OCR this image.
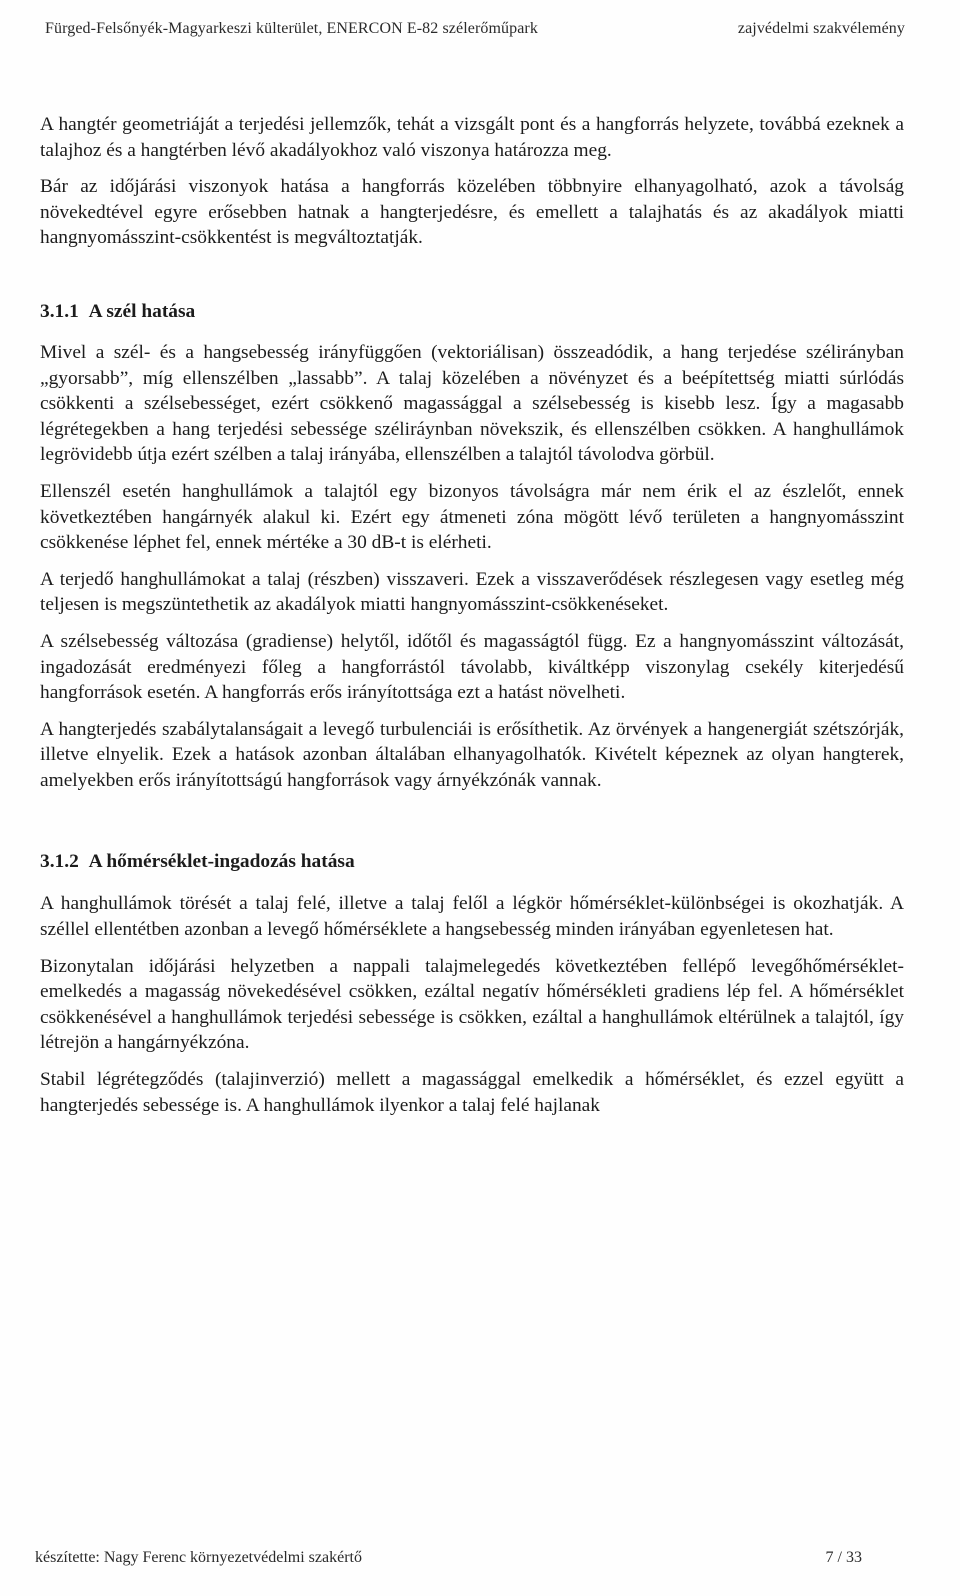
Fürged-Felsőnyék-Magyarkeszi külterület, ENERCON E-82 szélerőműpark	zajvédelmi szakvélemény

A hangtér geometriáját a terjedési jellemzők, tehát a vizsgált pont és a hangforrás helyzete, továbbá ezeknek a talajhoz és a hangtérben lévő akadályokhoz való viszonya határozza meg.

Bár az időjárási viszonyok hatása a hangforrás közelében többnyire elhanyagolható, azok a távolság növekedtével egyre erősebben hatnak a hangterjedésre, és emellett a talajhatás és az akadályok miatti hangnyomásszint-csökkentést is megváltoztatják.

3.1.1 A szél hatása

Mivel a szél- és a hangsebesség irányfüggően (vektoriálisan) összeadódik, a hang terjedése szélirányban „gyorsabb”, míg ellenszélben „lassabb”. A talaj közelében a növényzet és a beépítettség miatti súrlódás csökkenti a szélsebességet, ezért csökkenő magassággal a szélsebesség is kisebb lesz. Így a magasabb légrétegekben a hang terjedési sebessége széliráynban növekszik, és ellenszélben csökken. A hanghullámok legrövidebb útja ezért szélben a talaj irányába, ellenszélben a talajtól távolodva görbül.

Ellenszél esetén hanghullámok a talajtól egy bizonyos távolságra már nem érik el az észlelőt, ennek következtében hangárnyék alakul ki. Ezért egy átmeneti zóna mögött lévő területen a hangnyomásszint csökkenése léphet fel, ennek mértéke a 30 dB-t is elérheti.

A terjedő hanghullámokat a talaj (részben) visszaveri. Ezek a visszaverődések részlegesen vagy esetleg még teljesen is megszüntethetik az akadályok miatti hangnyomásszint-csökkenéseket.

A szélsebesség változása (gradiense) helytől, időtől és magasságtól függ. Ez a hangnyomásszint változását, ingadozását eredményezi főleg a hangforrástól távolabb, kiváltképp viszonylag csekély kiterjedésű hangforrások esetén. A hangforrás erős irányítottsága ezt a hatást növelheti.

A hangterjedés szabálytalanságait a levegő turbulenciái is erősíthetik. Az örvények a hangenergiát szétszórják, illetve elnyelik. Ezek a hatások azonban általában elhanyagolhatók. Kivételt képeznek az olyan hangterek, amelyekben erős irányítottságú hangforrások vagy árnyékzónák vannak.

3.1.2 A hőmérséklet-ingadozás hatása

A hanghullámok törését a talaj felé, illetve a talaj felől a légkör hőmérséklet-különbségei is okozhatják. A széllel ellentétben azonban a levegő hőmérséklete a hangsebesség minden irányában egyenletesen hat.

Bizonytalan időjárási helyzetben a nappali talajmelegedés következtében fellépő levegőhőmérséklet-emelkedés a magasság növekedésével csökken, ezáltal negatív hőmérsékleti gradiens lép fel. A hőmérséklet csökkenésével a hanghullámok terjedési sebessége is csökken, ezáltal a hanghullámok eltérülnek a talajtól, így létrejön a hangárnyékzóna.

Stabil légrétegződés (talajinverzió) mellett a magassággal emelkedik a hőmérséklet, és ezzel együtt a hangterjedés sebessége is. A hanghullámok ilyenkor a talaj felé hajlanak

készítette: Nagy Ferenc környezetvédelmi szakértő	7 / 33
